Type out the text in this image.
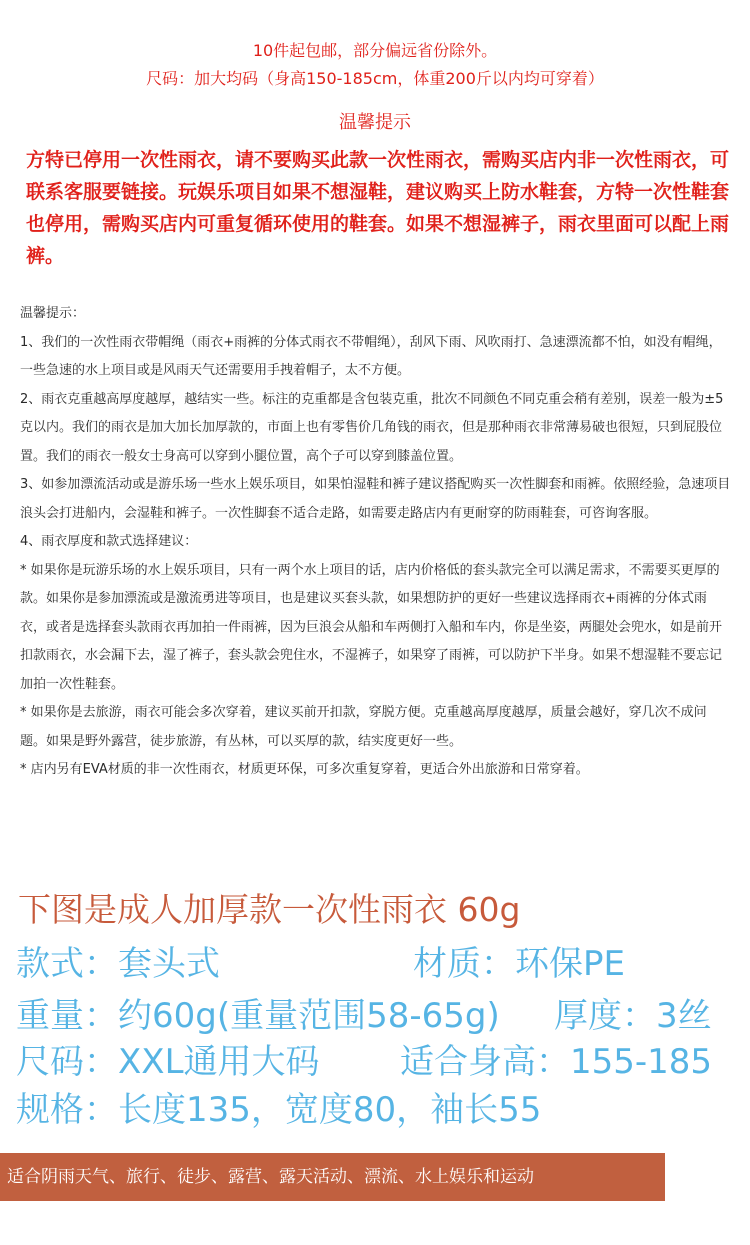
10件起包邮，部分偏远省份除外。
尺码：加大均码（身高150-185cm，体重200斤以内均可穿着）
温馨提示
方特已停用一次性雨衣，请不要购买此款一次性雨衣，需购买店内非一次性雨衣，可联系客服要链接。玩娱乐项目如果不想湿鞋，建议购买上防水鞋套，方特一次性鞋套也停用，需购买店内可重复循环使用的鞋套。如果不想湿裤子，雨衣里面可以配上雨裤。

温馨提示：

1、我们的一次性雨衣带帽绳（雨衣+雨裤的分体式雨衣不带帽绳），刮风下雨、风吹雨打、急速漂流都不怕，如没有帽绳，一些急速的水上项目或是风雨天气还需要用手拽着帽子，太不方便。

2、雨衣克重越高厚度越厚，越结实一些。标注的克重都是含包装克重，批次不同颜色不同克重会稍有差别，误差一般为±5克以内。我们的雨衣是加大加长加厚款的，市面上也有零售价几角钱的雨衣，但是那种雨衣非常薄易破也很短，只到屁股位置。我们的雨衣一般女士身高可以穿到小腿位置，高个子可以穿到膝盖位置。

3、如参加漂流活动或是游乐场一些水上娱乐项目，如果怕湿鞋和裤子建议搭配购买一次性脚套和雨裤。依照经验，急速项目浪头会打进船内，会湿鞋和裤子。一次性脚套不适合走路，如需要走路店内有更耐穿的防雨鞋套，可咨询客服。

4、雨衣厚度和款式选择建议：

* 如果你是玩游乐场的水上娱乐项目，只有一两个水上项目的话，店内价格低的套头款完全可以满足需求，不需要买更厚的款。如果你是参加漂流或是激流勇进等项目，也是建议买套头款，如果想防护的更好一些建议选择雨衣+雨裤的分体式雨衣，或者是选择套头款雨衣再加拍一件雨裤，因为巨浪会从船和车两侧打入船和车内，你是坐姿，两腿处会兜水，如是前开扣款雨衣，水会漏下去，湿了裤子，套头款会兜住水，不湿裤子，如果穿了雨裤，可以防护下半身。如果不想湿鞋不要忘记加拍一次性鞋套。

* 如果你是去旅游，雨衣可能会多次穿着，建议买前开扣款，穿脱方便。克重越高厚度越厚，质量会越好，穿几次不成问题。如果是野外露营，徒步旅游，有丛林，可以买厚的款，结实度更好一些。

* 店内另有EVA材质的非一次性雨衣，材质更环保，可多次重复穿着，更适合外出旅游和日常穿着。

下图是成人加厚款一次性雨衣 60g
款式：套头式	材质：环保PE
重量：约60g(重量范围58-65g) 厚度：3丝
尺码：XXL通用大码 适合身高：155-185
规格：长度135，宽度80，袖长55
适合阴雨天气、旅行、徒步、露营、露天活动、漂流、水上娱乐和运动
